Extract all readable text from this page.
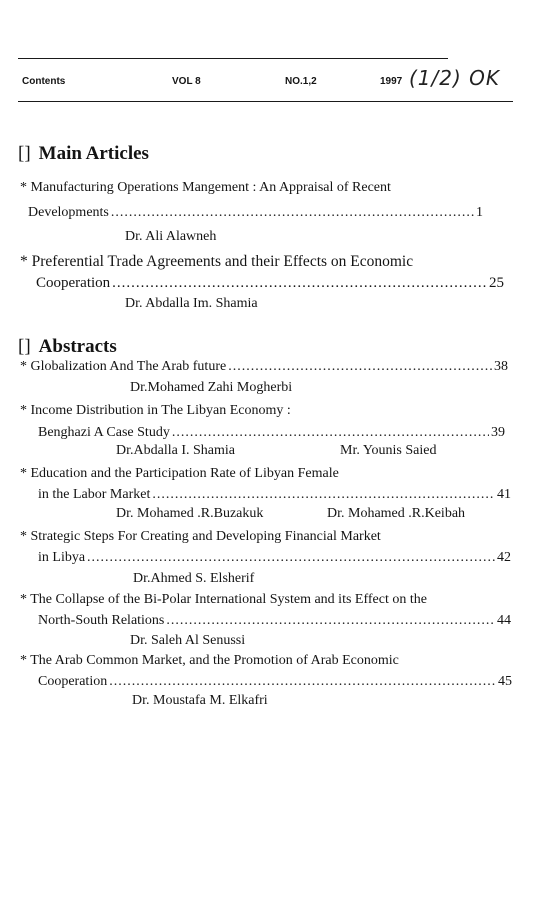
Contents	VOL 8	NO.1,2	1997 (1/2) OK
[] Main Articles
* Manufacturing Operations Mangement : An Appraisal of Recent
Developments .....	1
Dr. Ali Alawneh
* Preferential Trade Agreements and their Effects on Economic
Cooperation .....	25
Dr. Abdalla Im. Shamia
[] Abstracts
* Globalization And The Arab future .....	38
Dr.Mohamed Zahi Mogherbi
* Income Distribution in The Libyan Economy :
Benghazi A Case Study .....	39
Dr.Abdalla I. Shamia	Mr. Younis Saied
* Education and the Participation Rate of Libyan Female
in the Labor Market .....	41
Dr. Mohamed .R.Buzakuk	Dr. Mohamed .R.Keibah
* Strategic Steps For Creating and Developing Financial Market
in Libya .....	42
Dr.Ahmed S. Elsherif
* The Collapse of the Bi-Polar International System and its Effect on the
North-South Relations .....	44
Dr. Saleh Al Senussi
* The Arab Common Market, and the Promotion of Arab Economic
Cooperation .....	45
Dr. Moustafa M. Elkafri
